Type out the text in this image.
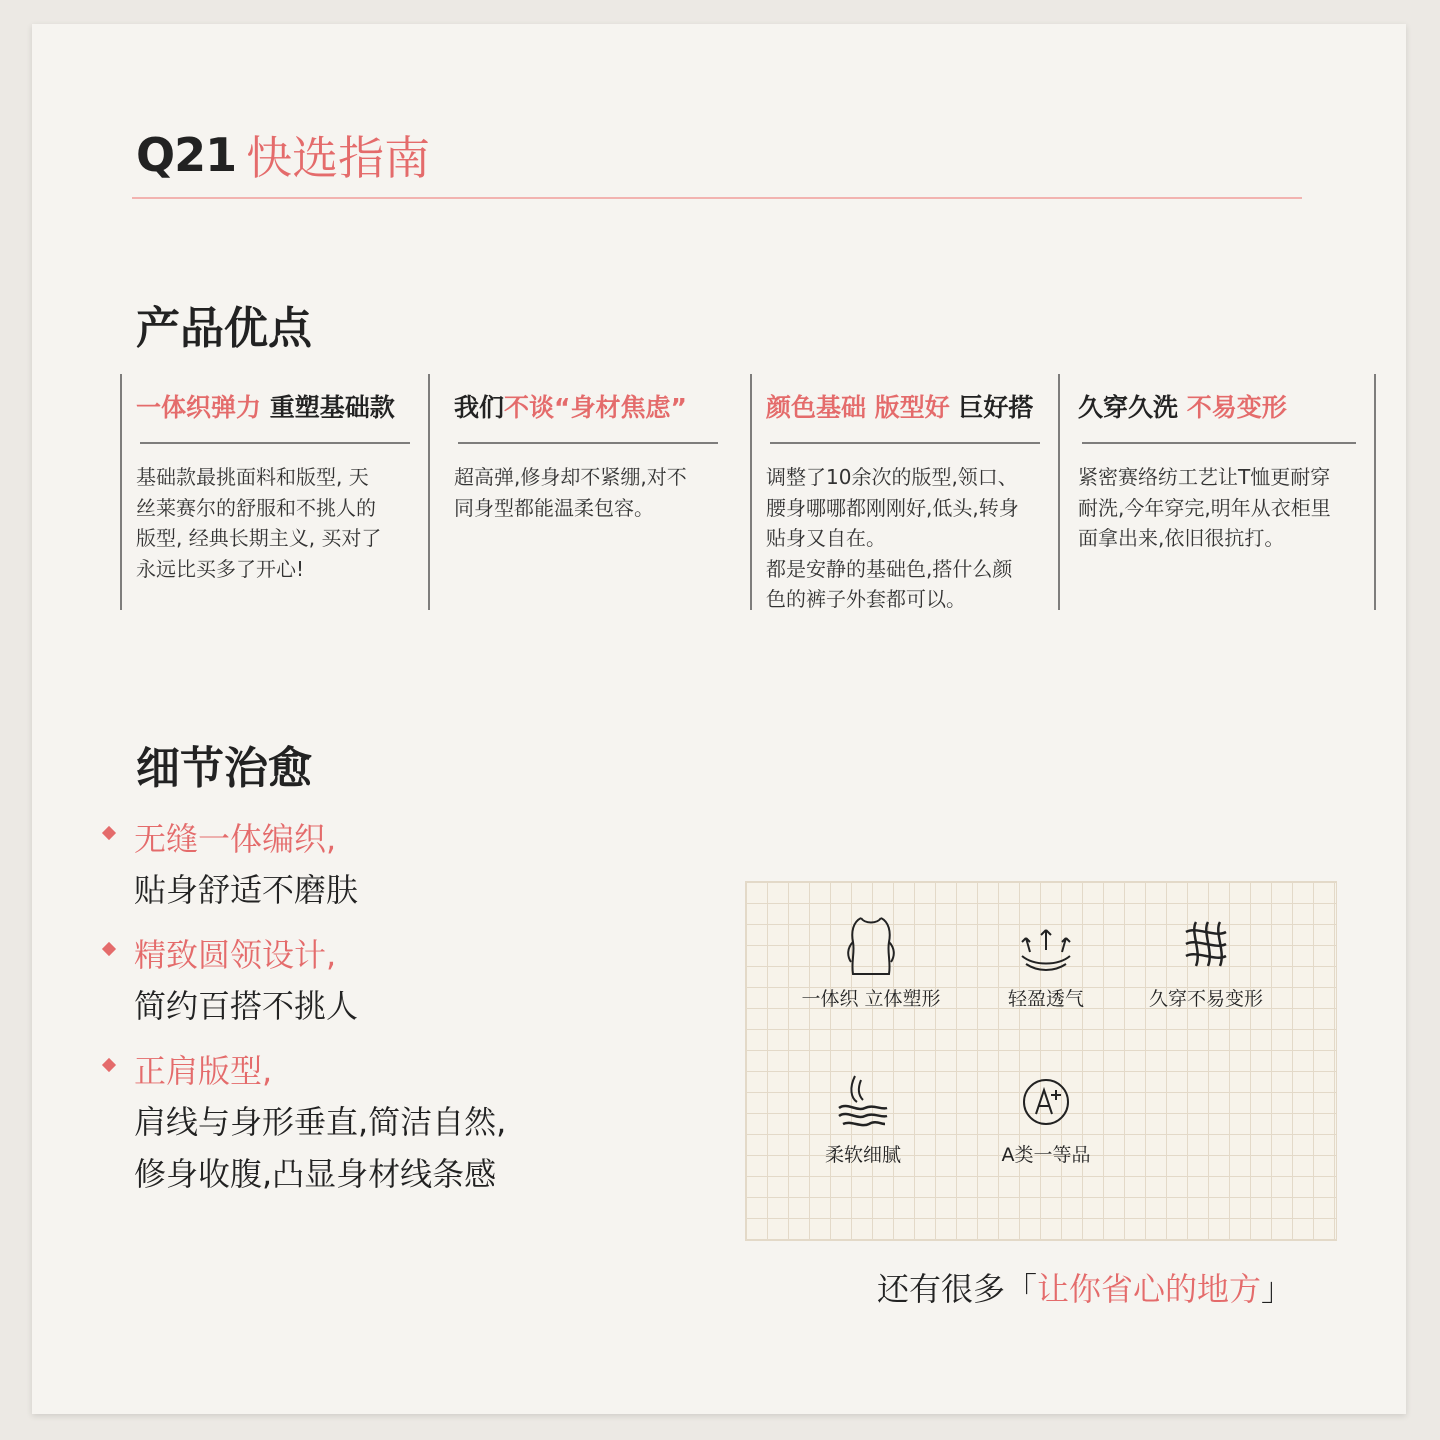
Q21 快选指南
产品优点
一体织弹力 重塑基础款
基础款最挑面料和版型, 天
丝莱赛尔的舒服和不挑人的
版型, 经典长期主义, 买对了
永远比买多了开心!
我们不谈“身材焦虑”
超高弹,修身却不紧绷,对不
同身型都能温柔包容。
颜色基础 版型好 巨好搭
调整了10余次的版型,领口、
腰身哪哪都刚刚好,低头,转身
贴身又自在。
都是安静的基础色,搭什么颜
色的裤子外套都可以。
久穿久洗 不易变形
紧密赛络纺工艺让T恤更耐穿
耐洗,今年穿完,明年从衣柜里
面拿出来,依旧很抗打。
细节治愈
无缝一体编织,
贴身舒适不磨肤
精致圆领设计,
简约百搭不挑人
正肩版型,
肩线与身形垂直,简洁自然,
修身收腹,凸显身材线条感
一体织 立体塑形	轻盈透气	久穿不易变形
柔软细腻	A类一等品
还有很多「让你省心的地方」
